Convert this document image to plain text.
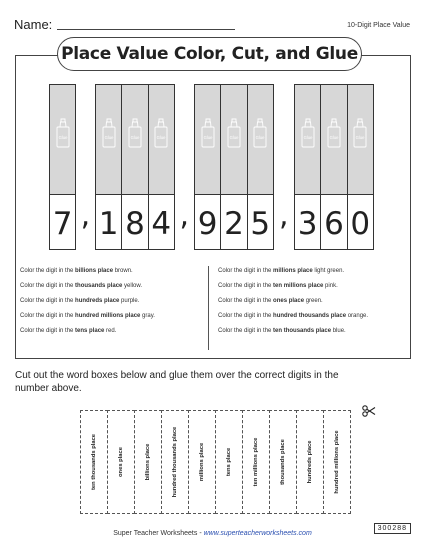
Name:	10-Digit Place Value
Place Value Color, Cut, and Glue
Glue
7 ,
Glue
1
Glue
8
Glue
4 ,
Glue
9
Glue
2
Glue
5 ,
Glue
3
Glue
6
Glue
0
Color the digit in the billions place brown.
Color the digit in the thousands place yellow.
Color the digit in the hundreds place purple.
Color the digit in the hundred millions place gray.
Color the digit in the tens place red.
Color the digit in the millions place light green.
Color the digit in the ten millions place pink.
Color the digit in the ones place green.
Color the digit in the hundred thousands place orange.
Color the digit in the ten thousands place blue.
Cut out the word boxes below and glue them over the correct digits in the number above.
ten thousands place	ones place	billions place	hundred thousands place	millions place	tens place	ten millions place	thousands place	hundreds place	hundred millions place
Super Teacher Worksheets - www.superteacherworksheets.com
300288
